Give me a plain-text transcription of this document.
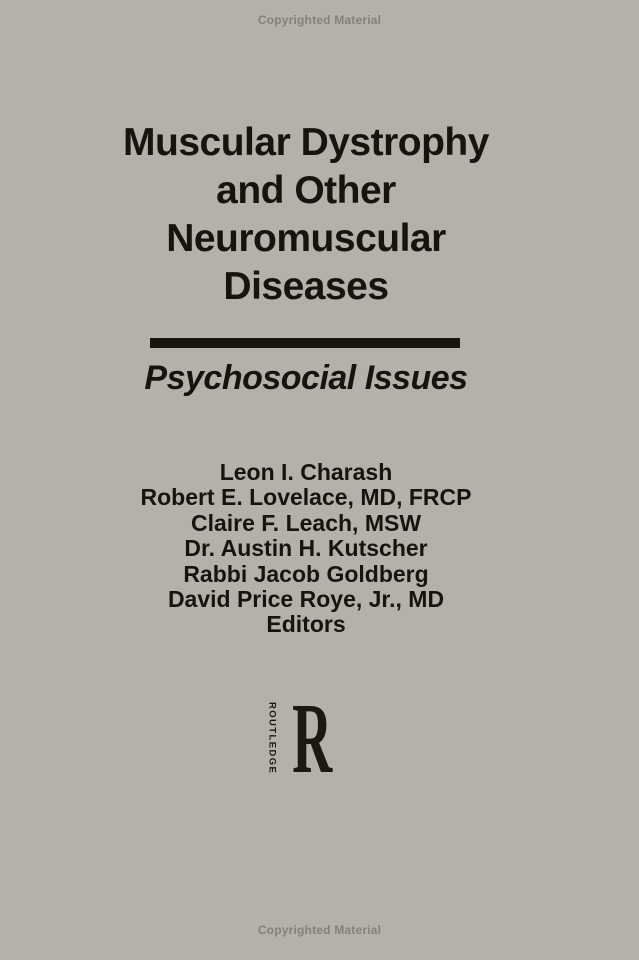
Copyrighted Material
Muscular Dystrophy
and Other
Neuromuscular
Diseases
Psychosocial Issues
Leon I. Charash
Robert E. Lovelace, MD, FRCP
Claire F. Leach, MSW
Dr. Austin H. Kutscher
Rabbi Jacob Goldberg
David Price Roye, Jr., MD
Editors
ROUTLEDGE R
Copyrighted Material
